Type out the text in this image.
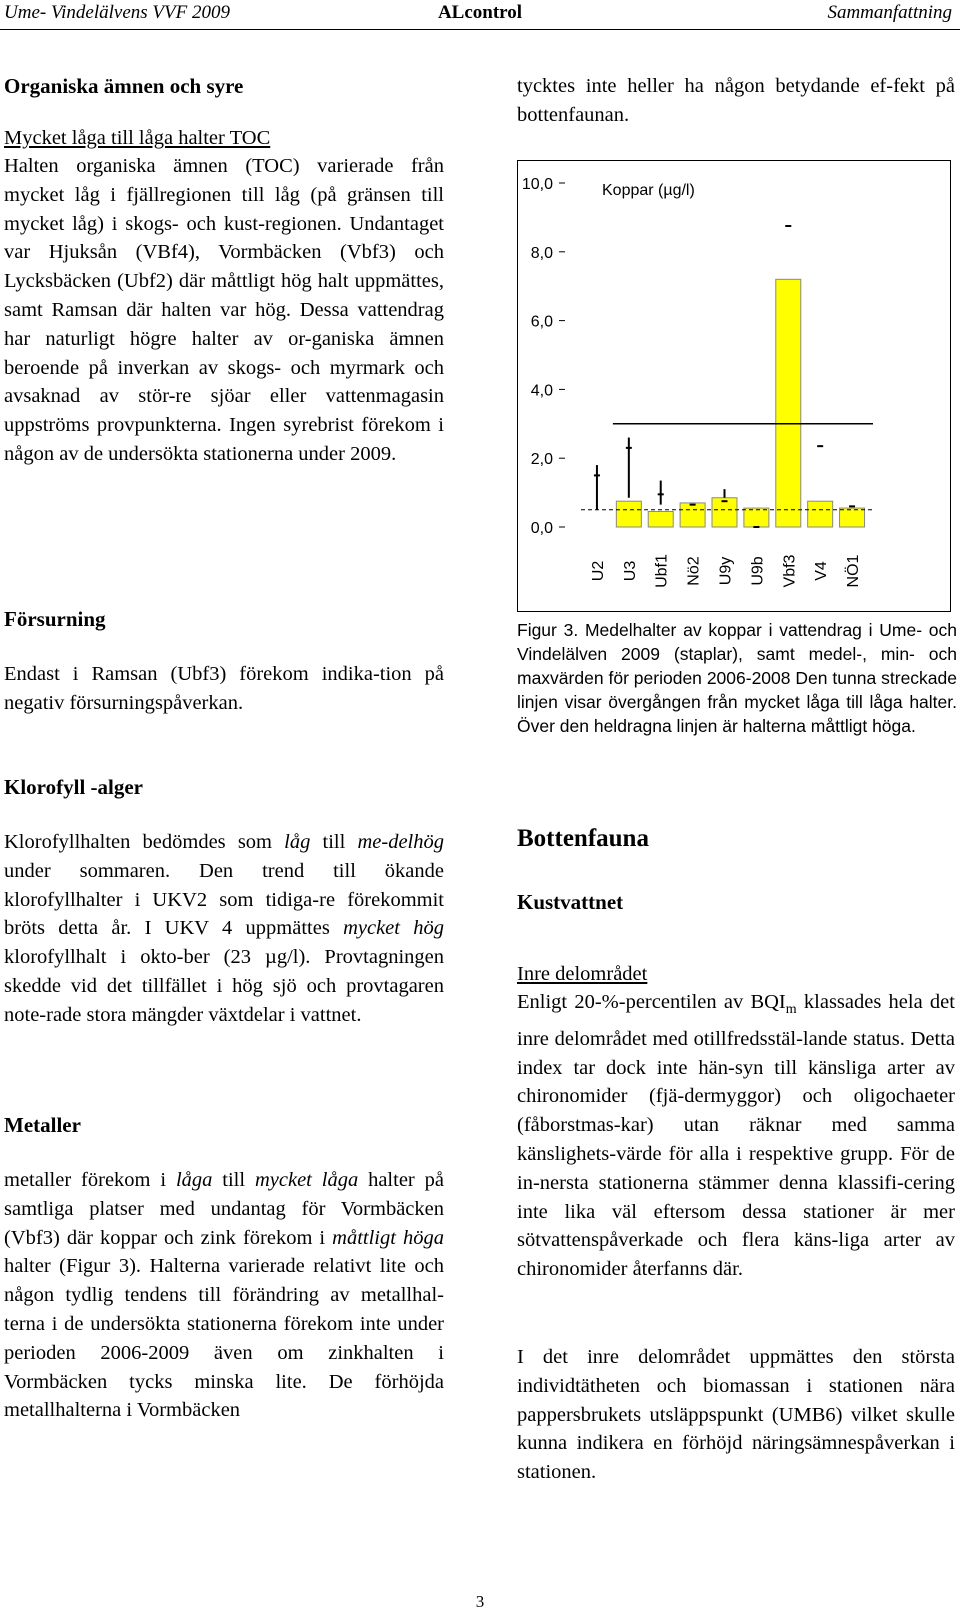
Ume- Vindelälvens VVF 2009	ALcontrol	Sammanfattning
Organiska ämnen och syre

Mycket låga till låga halter TOC

Halten organiska ämnen (TOC) varierade från mycket låg i fjällregionen till låg (på gränsen till mycket låg) i skogs- och kust-regionen. Undantaget var Hjuksån (VBf4), Vormbäcken (Vbf3) och Lycksbäcken (Ubf2) där måttligt hög halt uppmättes, samt Ramsan där halten var hög. Dessa vattendrag har naturligt högre halter av or-ganiska ämnen beroende på inverkan av skogs- och myrmark och avsaknad av stör-re sjöar eller vattenmagasin uppströms provpunkterna. Ingen syrebrist förekom i någon av de undersökta stationerna under 2009.

Försurning

Endast i Ramsan (Ubf3) förekom indika-tion på negativ försurningspåverkan.

Klorofyll -alger

Klorofyllhalten bedömdes som låg till me-delhög under sommaren. Den trend till ökande klorofyllhalter i UKV2 som tidiga-re förekommit bröts detta år. I UKV 4 uppmättes mycket hög klorofyllhalt i okto-ber (23 µg/l). Provtagningen skedde vid det tillfället i hög sjö och provtagaren note-rade stora mängder växtdelar i vattnet.

Metaller

metaller förekom i låga till mycket låga halter på samtliga platser med undantag för Vormbäcken (Vbf3) där koppar och zink förekom i måttligt höga halter (Figur 3). Halterna varierade relativt lite och någon tydlig tendens till förändring av metallhal-terna i de undersökta stationerna förekom inte under perioden 2006-2009 även om zinkhalten i Vormbäcken tycks minska lite. De förhöjda metallhalterna i Vormbäcken

tycktes inte heller ha någon betydande ef-fekt på bottenfaunan.

Koppar (µg/l)
0,0
2,0
4,0
6,0
8,0
10,0
U2 U3 Ubf1 Nö2 U9y U9b Vbf3 V4 NÖ1
Figur 3. Medelhalter av koppar i vattendrag i Ume- och Vindelälven 2009 (staplar), samt medel-, min- och maxvärden för perioden 2006-2008 Den tunna streckade linjen visar övergången från mycket låga till låga halter. Över den heldragna linjen är halterna måttligt höga.

Bottenfauna

Kustvattnet

Inre delområdet

Enligt 20-%-percentilen av $BQI_m$ klassades hela det inre delområdet med otillfredsstäl-lande status. Detta index tar dock inte hän-syn till känsliga arter av chironomider (fjä-dermyggor) och oligochaeter (fåborstmas-kar) utan räknar med samma känslighets-värde för alla i respektive grupp. För de in-nersta stationerna stämmer denna klassifi-cering inte lika väl eftersom dessa stationer är mer sötvattenspåverkade och flera käns-liga arter av chironomider återfanns där.

I det inre delområdet uppmättes den största individtätheten och biomassan i stationen nära pappersbrukets utsläppspunkt (UMB6) vilket skulle kunna indikera en förhöjd näringsämnespåverkan i stationen.

3
